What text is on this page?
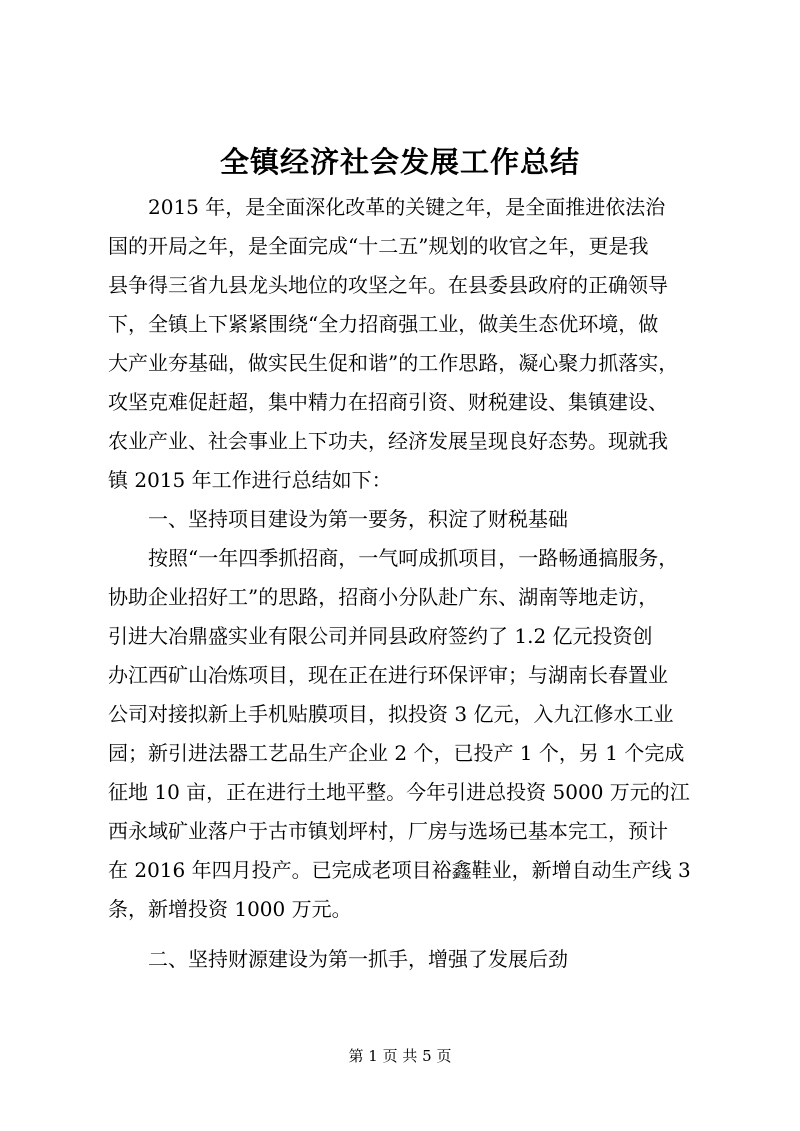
全镇经济社会发展工作总结
2015 年，是全面深化改革的关键之年，是全面推进依法治
国的开局之年，是全面完成“十二五”规划的收官之年，更是我
县争得三省九县龙头地位的攻坚之年。在县委县政府的正确领导
下，全镇上下紧紧围绕“全力招商强工业，做美生态优环境，做
大产业夯基础，做实民生促和谐”的工作思路，凝心聚力抓落实，
攻坚克难促赶超，集中精力在招商引资、财税建设、集镇建设、
农业产业、社会事业上下功夫，经济发展呈现良好态势。现就我
镇 2015 年工作进行总结如下：
一、坚持项目建设为第一要务，积淀了财税基础
按照“一年四季抓招商，一气呵成抓项目，一路畅通搞服务，
协助企业招好工”的思路，招商小分队赴广东、湖南等地走访，
引进大冶鼎盛实业有限公司并同县政府签约了 1.2 亿元投资创
办江西矿山冶炼项目，现在正在进行环保评审；与湖南长春置业
公司对接拟新上手机贴膜项目，拟投资 3 亿元，入九江修水工业
园；新引进法器工艺品生产企业 2 个，已投产 1 个，另 1 个完成
征地 10 亩，正在进行土地平整。今年引进总投资 5000 万元的江
西永域矿业落户于古市镇划坪村，厂房与选场已基本完工，预计
在 2016 年四月投产。已完成老项目裕鑫鞋业，新增自动生产线 3
条，新增投资 1000 万元。
二、坚持财源建设为第一抓手，增强了发展后劲
第 1 页 共 5 页
